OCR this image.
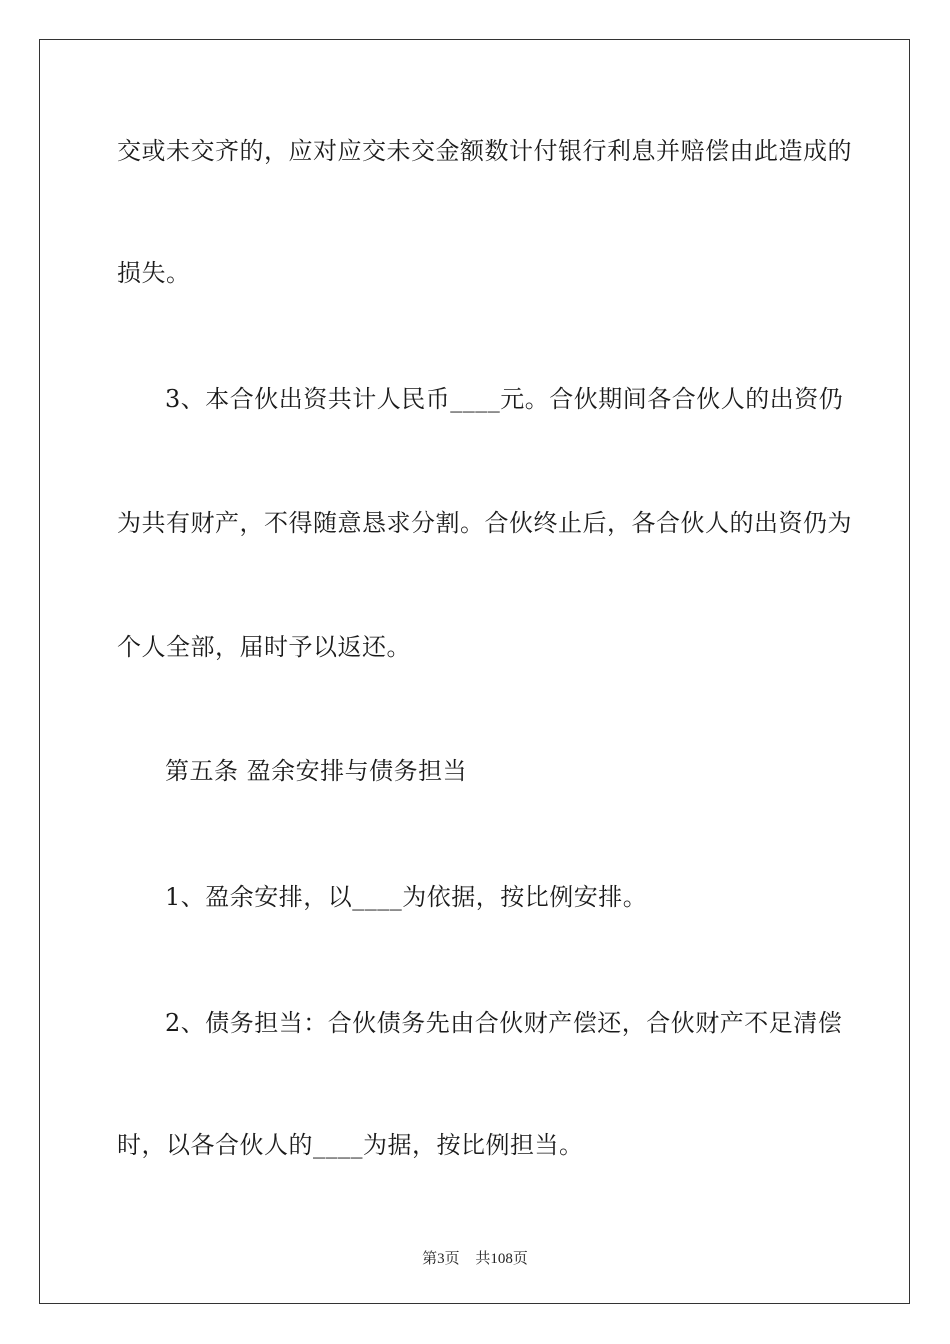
交或未交齐的，应对应交未交金额数计付银行利息并赔偿由此造成的

损失。

3、本合伙出资共计人民币____元。合伙期间各合伙人的出资仍

为共有财产，不得随意恳求分割。合伙终止后，各合伙人的出资仍为

个人全部，届时予以返还。

第五条 盈余安排与债务担当

1、盈余安排，以____为依据，按比例安排。

2、债务担当：合伙债务先由合伙财产偿还，合伙财产不足清偿

时，以各合伙人的____为据，按比例担当。

第3页 共108页
